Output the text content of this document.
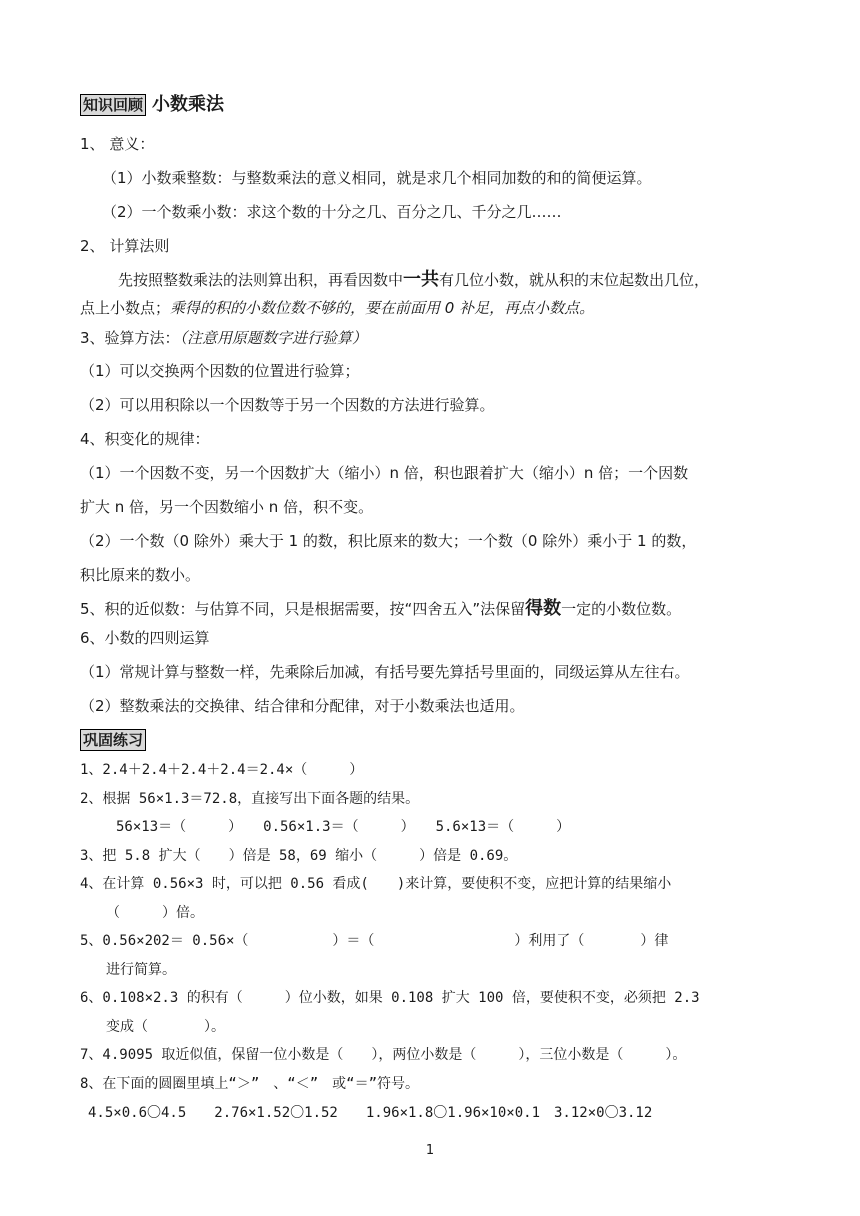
知识回顾 小数乘法
1、 意义：
（1）小数乘整数：与整数乘法的意义相同，就是求几个相同加数的和的简便运算。
（2）一个数乘小数：求这个数的十分之几、百分之几、千分之几……
2、 计算法则
先按照整数乘法的法则算出积，再看因数中一共有几位小数，就从积的末位起数出几位，
点上小数点；乘得的积的小数位数不够的，要在前面用 0 补足，再点小数点。
3、验算方法：（注意用原题数字进行验算）
（1）可以交换两个因数的位置进行验算；
（2）可以用积除以一个因数等于另一个因数的方法进行验算。
4、积变化的规律：
（1）一个因数不变，另一个因数扩大（缩小）n 倍，积也跟着扩大（缩小）n 倍；一个因数
扩大 n 倍，另一个因数缩小 n 倍，积不变。
（2）一个数（0 除外）乘大于 1 的数，积比原来的数大；一个数（0 除外）乘小于 1 的数，
积比原来的数小。
5、积的近似数：与估算不同，只是根据需要，按“四舍五入”法保留得数一定的小数位数。
6、小数的四则运算
（1）常规计算与整数一样，先乘除后加减，有括号要先算括号里面的，同级运算从左往右。
（2）整数乘法的交换律、结合律和分配律，对于小数乘法也适用。
巩固练习
1、2.4＋2.4＋2.4＋2.4＝2.4×（　　　）
2、根据 56×1.3＝72.8，直接写出下面各题的结果。
56×13＝（　　　）　　0.56×1.3＝（　　　）　　5.6×13＝（　　　）
3、把 5.8 扩大（　　）倍是 58，69 缩小（　　　）倍是 0.69。
4、在计算 0.56×3 时，可以把 0.56 看成(　　)来计算，要使积不变，应把计算的结果缩小
（　　　）倍。
5、0.56×202＝ 0.56×（　　　　　　）＝（　　　　　　　　　　）利用了（　　　　）律
进行简算。
6、0.108×2.3 的积有（　　　）位小数，如果 0.108 扩大 100 倍，要使积不变，必须把 2.3
变成（　　　　）。
7、4.9095 取近似值，保留一位小数是（　　），两位小数是（　　　），三位小数是（　　　）。
8、在下面的圆圈里填上“＞”　、“＜”　或“＝”符号。
4.5×0.6〇4.5　　2.76×1.52〇1.52　　1.96×1.8〇1.96×10×0.1　3.12×0〇3.12
1
